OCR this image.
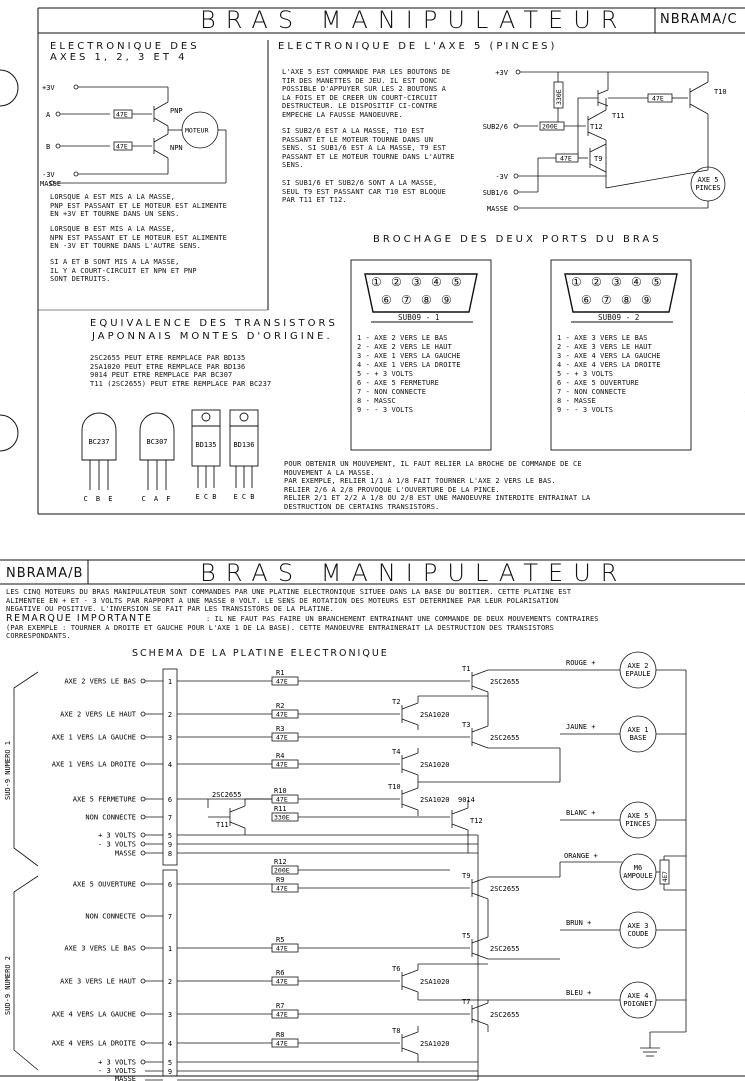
BRAS MANIPULATEUR	NBRAMA/C
ELECTRONIQUE DES
AXES 1, 2, 3 ET 4
ELECTRONIQUE DE L'AXE 5 (PINCES)
+3V
A
B
47E
47E
PNP
NPN
MOTEUR
-3V
MASSE
LORSQUE A EST MIS A LA MASSE,
PNP EST PASSANT ET LE MOTEUR EST ALIMENTE
EN +3V ET TOURNE DANS UN SENS.
LORSQUE B EST MIS A LA MASSE,
NPN EST PASSANT ET LE MOTEUR EST ALIMENTE
EN -3V ET TOURNE DANS L'AUTRE SENS.
SI A ET B SONT MIS A LA MASSE,
IL Y A COURT-CIRCUIT ET NPN ET PNP
SONT DETRUITS.
L'AXE 5 EST COMMANDE PAR LES BOUTONS DE
TIR DES MANETTES DE JEU. IL EST DONC
POSSIBLE D'APPUYER SUR LES 2 BOUTONS A
LA FOIS ET DE CREER UN COURT-CIRCUIT
DESTRUCTEUR. LE DISPOSITIF CI-CONTRE
EMPECHE LA FAUSSE MANOEUVRE.
SI SUB2/6 EST A LA MASSE, T10 EST
PASSANT ET LE MOTEUR TOURNE DANS UN
SENS. SI SUB1/6 EST A LA MASSE, T9 EST
PASSANT ET LE MOTEUR TOURNE DANS L'AUTRE
SENS.
SI SUB1/6 ET SUB2/6 SONT A LA MASSE,
SEUL T9 EST PASSANT CAR T10 EST BLOQUE
PAR T11 ET T12.
+3V
330E	47E
T10
T11
SUB2/6	200E	T12
47E	T9
-3V
SUB1/6
MASSE
AXE 5
PINCES
BROCHAGE DES DEUX PORTS DU BRAS
① ② ③ ④ ⑤
⑥ ⑦ ⑧ ⑨
① ② ③ ④ ⑤
⑥ ⑦ ⑧ ⑨
SUB09 - 1	SUB09 - 2
1 - AXE 2 VERS LE BAS
2 - AXE 2 VERS LE HAUT
3 - AXE 1 VERS LA GAUCHE
4 - AXE 1 VERS LA DROITE
5 - + 3 VOLTS
6 - AXE 5 FERMETURE
7 - NON CONNECTE
8 - MASSC
9 - - 3 VOLTS
1 - AXE 3 VERS LE BAS
2 - AXE 3 VERS LE HAUT
3 - AXE 4 VERS LA GAUCHE
4 - AXE 4 VERS LA DROITE
5 - + 3 VOLTS
6 - AXE 5 OUVERTURE
7 - NON CONNECTE
8 - MASSE
9 - - 3 VOLTS
POUR OBTENIR UN MOUVEMENT, IL FAUT RELIER LA BROCHE DE COMMANDE DE CE
MOUVEMENT A LA MASSE.
PAR EXEMPLE, RELIER 1/1 A 1/8 FAIT TOURNER L'AXE 2 VERS LE BAS.
RELIER 2/6 A 2/8 PROVOQUE L'OUVERTURE DE LA PINCE.
RELIER 2/1 ET 2/2 A 1/8 OU 2/8 EST UNE MANOEUVRE INTERDITE ENTRAINAT LA
DESTRUCTION DE CERTAINS TRANSISTORS.
EQUIVALENCE DES TRANSISTORS
JAPONNAIS MONTES D'ORIGINE.
2SC2655 PEUT ETRE REMPLACE PAR BD135
2SA1020 PEUT ETRE REMPLACE PAR BD136
9014 PEUT ETRE REMPLACE PAR BC307
T11 (2SC2655) PEUT ETRE REMPLACE PAR BC237
BC237	BC307	BD135 BD136
C B E	C A F	E C B E C B
NBRAMA/B	BRAS MANIPULATEUR
LES CINQ MOTEURS DU BRAS MANIPULATEUR SONT COMMANDES PAR UNE PLATINE ELECTRONIQUE SITUEE DANS LA BASE DU BOITIER. CETTE PLATINE EST
ALIMENTEE EN + ET - 3 VOLTS PAR RAPPORT A UNE MASSE 0 VOLT. LE SENS DE ROTATION DES MOTEURS EST DETERMINEE PAR LEUR POLARISATION
NEGATIVE OU POSITIVE. L'INVERSION SE FAIT PAR LES TRANSISTORS DE LA PLATINE.
REMARQUE IMPORTANTE	: IL NE FAUT PAS FAIRE UN BRANCHEMENT ENTRAINANT UNE COMMANDE DE DEUX MOUVEMENTS CONTRAIRES
(PAR EXEMPLE : TOURNER A DROITE ET GAUCHE POUR L'AXE 1 DE LA BASE). CETTE MANOEUVRE ENTRAINERAIT LA DESTRUCTION DES TRANSISTORS
CORRESPONDANTS.
SCHEMA DE LA PLATINE ELECTRONIQUE
SUD-9 NUMERO 1
SUD-9 NUMERO 2
AXE 2 VERS LE BAS
AXE 2 VERS LE HAUT
AXE 1 VERS LA GAUCHE
AXE 1 VERS LA DROITE
AXE 5 FERMETURE
NON CONNECTE
+ 3 VOLTS
- 3 VOLTS
MASSE
1
2
3
4
6
7
5
9
8
AXE 5 OUVERTURE
NON CONNECTE
AXE 3 VERS LE BAS
AXE 3 VERS LE HAUT
AXE 4 VERS LA GAUCHE
AXE 4 VERS LA DROITE
+ 3 VOLTS
- 3 VOLTS
MASSE
6
7
1
2
3
4
5
9
R1
47E
R2
47E
R3
47E
R4
47E
R10
47E
R11
330E
R12
200E
R9
47E
R5
47E
R6
47E
R7
47E
R8
47E
T1
2SC2655
T2
2SA1020
T3
2SC2655
T4
2SA1020
T10
2SA1020
T12
9014
T9
2SC2655
T5
2SC2655
T6
2SA1020
T7
2SC2655
T8
2SA1020
T11
2SC2655
ROUGE +	AXE 2
EPAULE
JAUNE +	AXE 1
BASE
BLANC +	AXE 5
PINCES
ORANGE +
M6
AMPOULE
BRUN +	AXE 3
COUDE
BLEU +	AXE 4
POIGNET
4E7
